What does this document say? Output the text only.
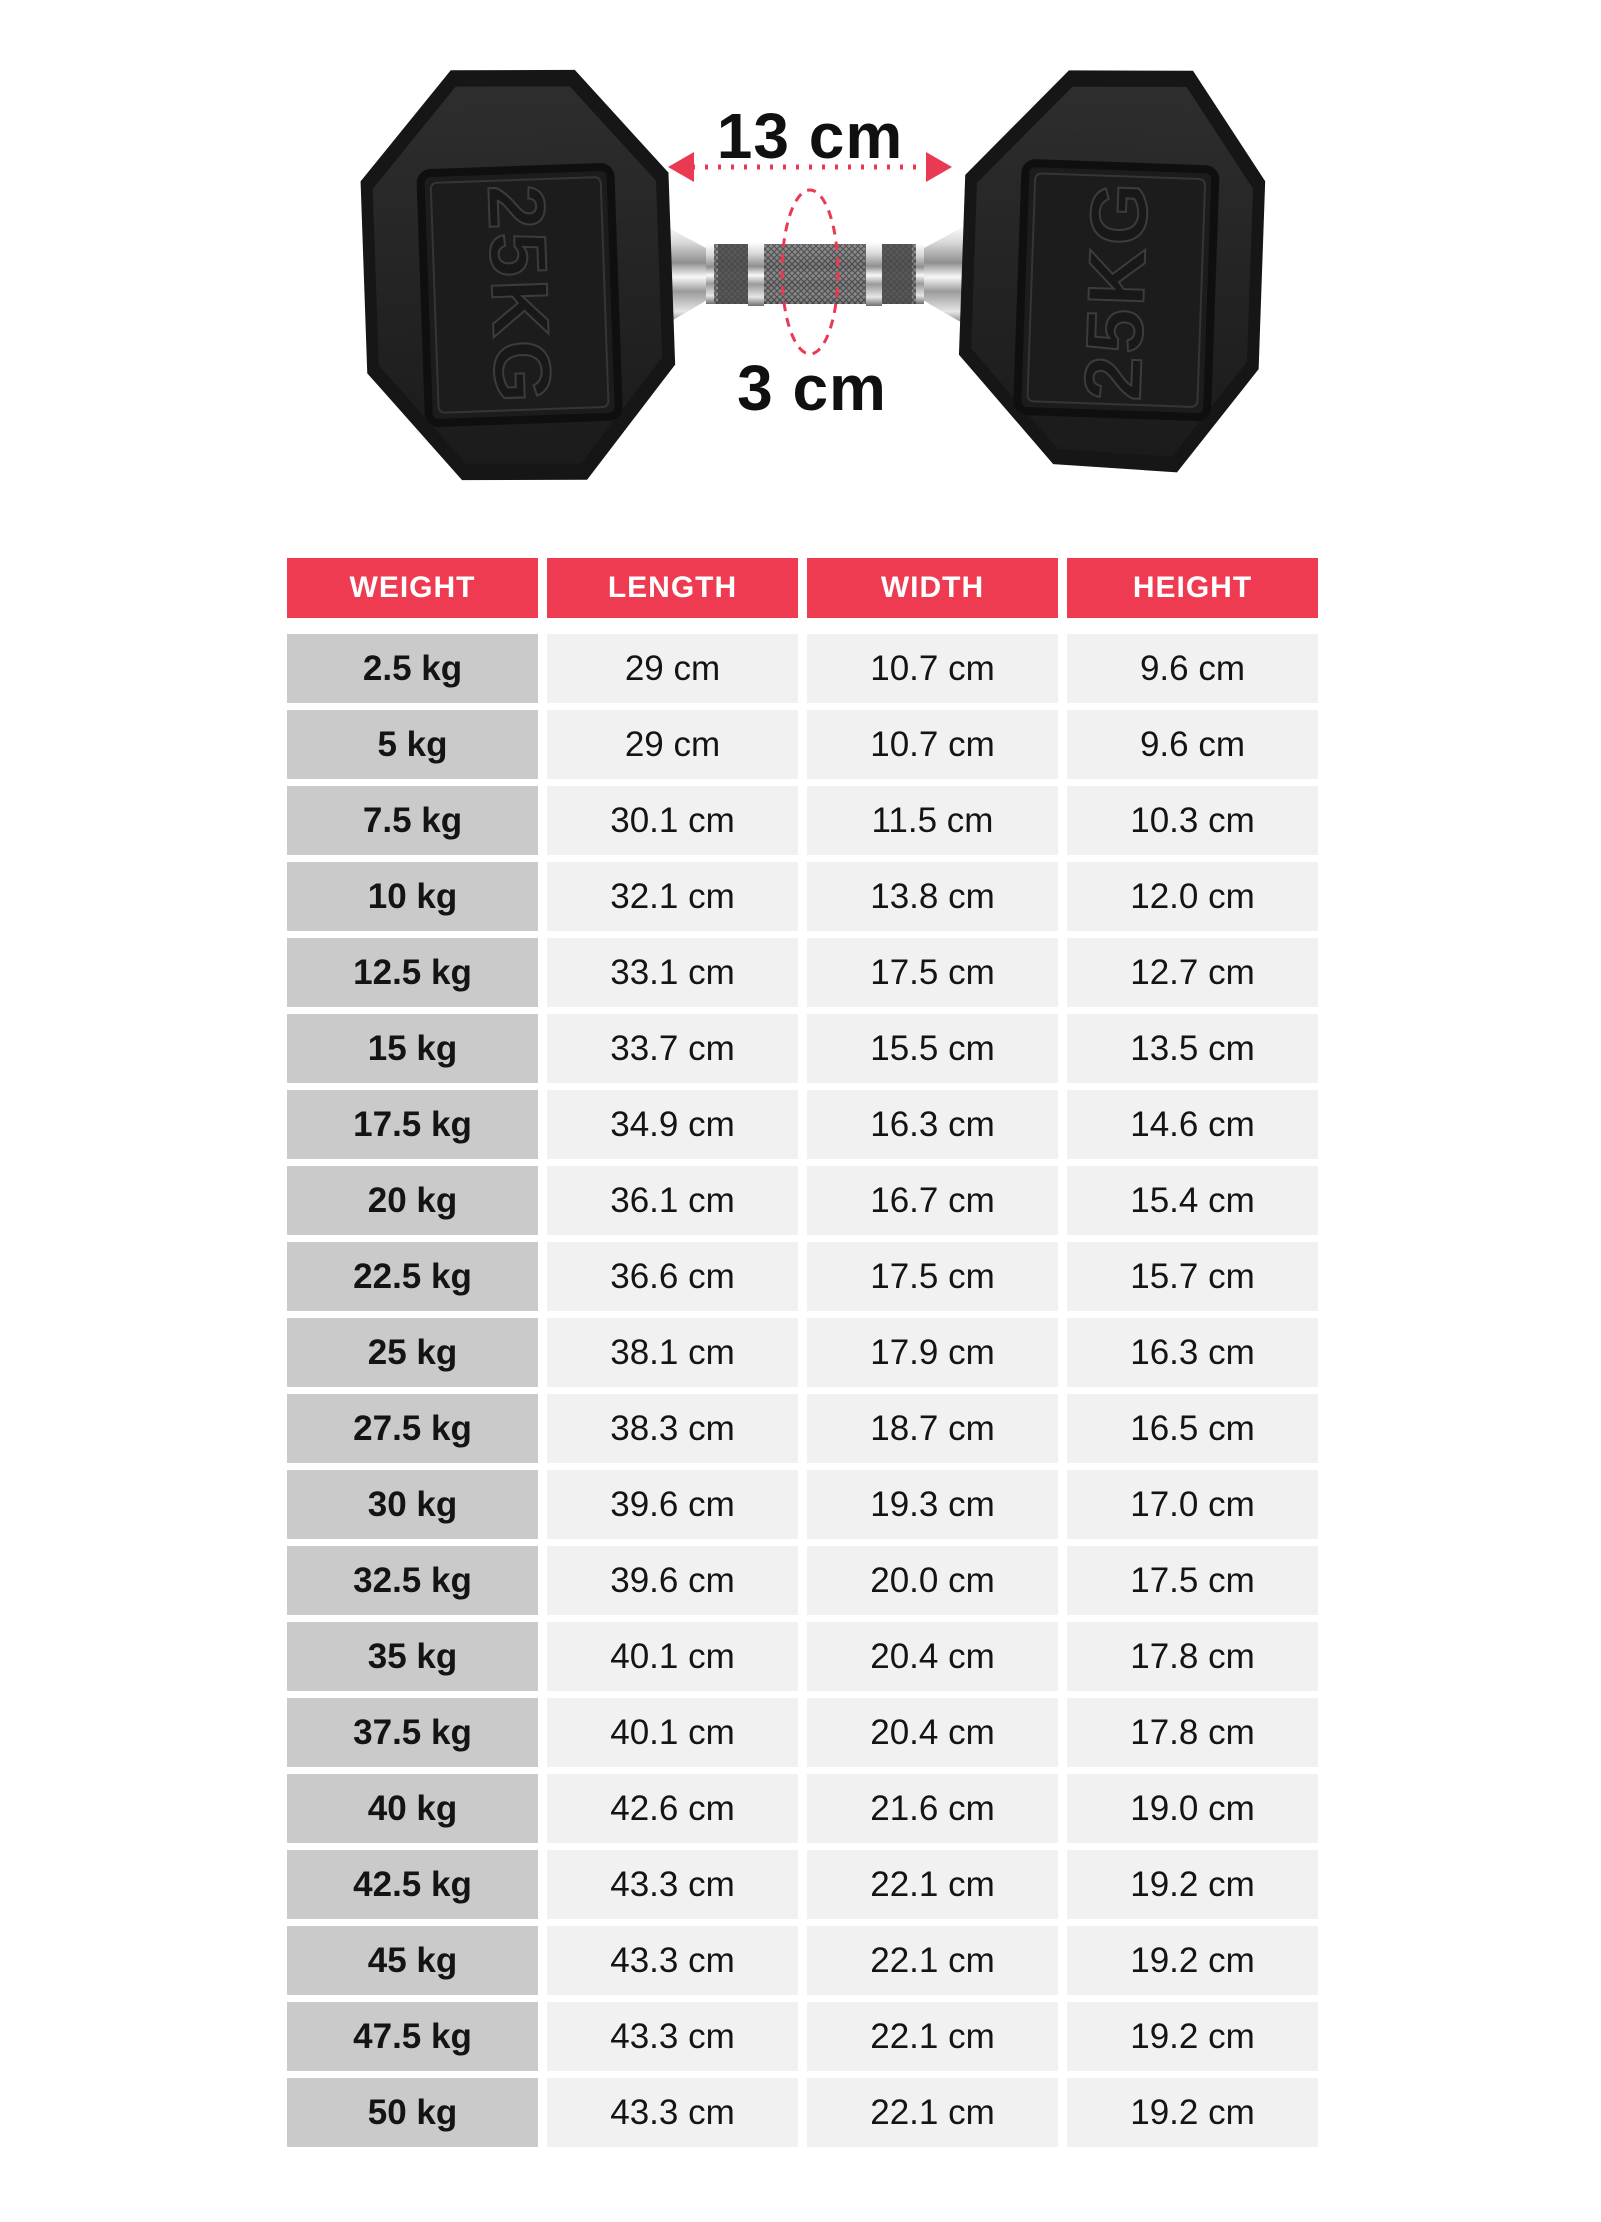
25KG	25KG
13 cm
3 cm
WEIGHT	LENGTH	WIDTH	HEIGHT
2.5 kg	29 cm	10.7 cm	9.6 cm
5 kg	29 cm	10.7 cm	9.6 cm
7.5 kg	30.1 cm	11.5 cm	10.3 cm
10 kg	32.1 cm	13.8 cm	12.0 cm
12.5 kg	33.1 cm	17.5 cm	12.7 cm
15 kg	33.7 cm	15.5 cm	13.5 cm
17.5 kg	34.9 cm	16.3 cm	14.6 cm
20 kg	36.1 cm	16.7 cm	15.4 cm
22.5 kg	36.6 cm	17.5 cm	15.7 cm
25 kg	38.1 cm	17.9 cm	16.3 cm
27.5 kg	38.3 cm	18.7 cm	16.5 cm
30 kg	39.6 cm	19.3 cm	17.0 cm
32.5 kg	39.6 cm	20.0 cm	17.5 cm
35 kg	40.1 cm	20.4 cm	17.8 cm
37.5 kg	40.1 cm	20.4 cm	17.8 cm
40 kg	42.6 cm	21.6 cm	19.0 cm
42.5 kg	43.3 cm	22.1 cm	19.2 cm
45 kg	43.3 cm	22.1 cm	19.2 cm
47.5 kg	43.3 cm	22.1 cm	19.2 cm
50 kg	43.3 cm	22.1 cm	19.2 cm
